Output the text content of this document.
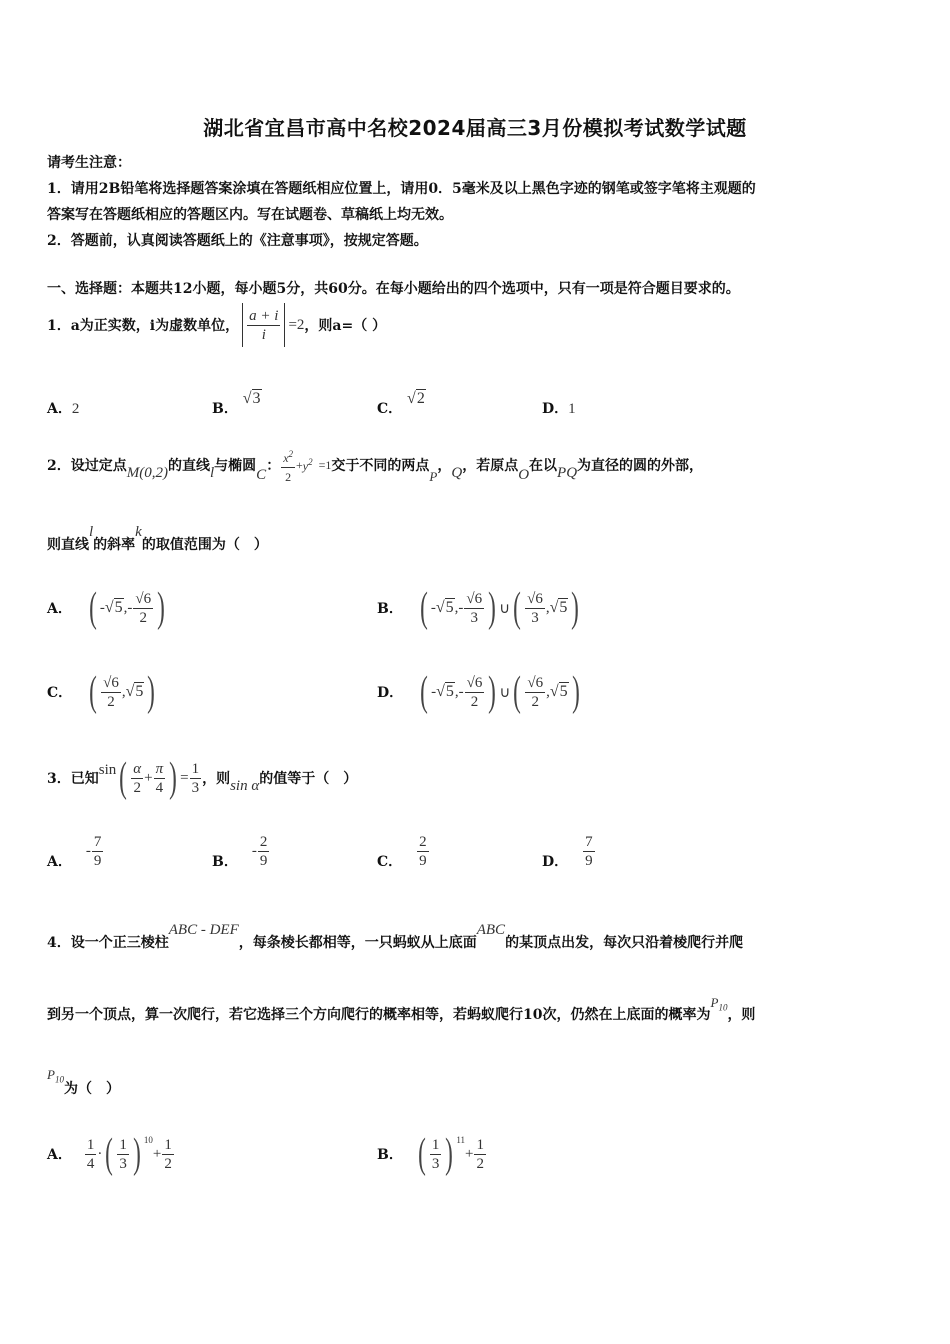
湖北省宜昌市高中名校2024届高三3月份模拟考试数学试题
请考生注意：
1．请用2B铅笔将选择题答案涂填在答题纸相应位置上，请用0．5毫米及以上黑色字迹的钢笔或签字笔将主观题的
答案写在答题纸相应的答题区内。写在试题卷、草稿纸上均无效。
2．答题前，认真阅读答题纸上的《注意事项》，按规定答题。
一、选择题：本题共12小题，每小题5分，共60分。在每小题给出的四个选项中，只有一项是符合题目要求的。
1．a为正实数，i为虚数单位， $\frac{a + i}{i} =2$ ，则a=（ ）
A．2	B． √3
C． √2
D．1
2．设过定点 M(0,2) 的直线 l 与椭圆
C
： $\frac{x^2}{2} + y^2 =1$ 交于不同的两点
P
， Q ，若原点
O
在以 PQ 为直径的圆的外部，
则直线
l
的斜率
k
的取值范围为（　）
A． ( - √5 , - $\frac{√6}{2}$ )	B． ( - √5 , - $\frac{√6}{3}$ ) ∪ ( $\frac{√6}{3}$ , √5 )
C． ( $\frac{√6}{2}$ , √5 )	D． ( - √5 , - $\frac{√6}{2}$ ) ∪ ( $\frac{√6}{2}$ , √5 )
3．已知
sin ( $\frac{\alpha}{2} + \frac{\pi}{4}$ ) = $\frac{1}{3}$ ，则 sin α 的值等于（　）
A．
- $\frac{7}{9}$	B．
- $\frac{2}{9}$	C． $\frac{2}{9}$	D． $\frac{7}{9}$
4．设一个正三棱柱
ABC - DEF
，每条棱长都相等，一只蚂蚁从上底面
ABC
的某顶点出发，每次只沿着棱爬行并爬
到另一个顶点，算一次爬行，若它选择三个方向爬行的概率相等，若蚂蚁爬行10次，仍然在上底面的概率为
$P_{10}$ ，则
$P_{10}$
为（　）
A． $\frac{1}{4}$ · ( $\frac{1}{3}$ ) 10
+ $\frac{1}{2}$	B． ( $\frac{1}{3}$ ) 11
+ $\frac{1}{2}$
